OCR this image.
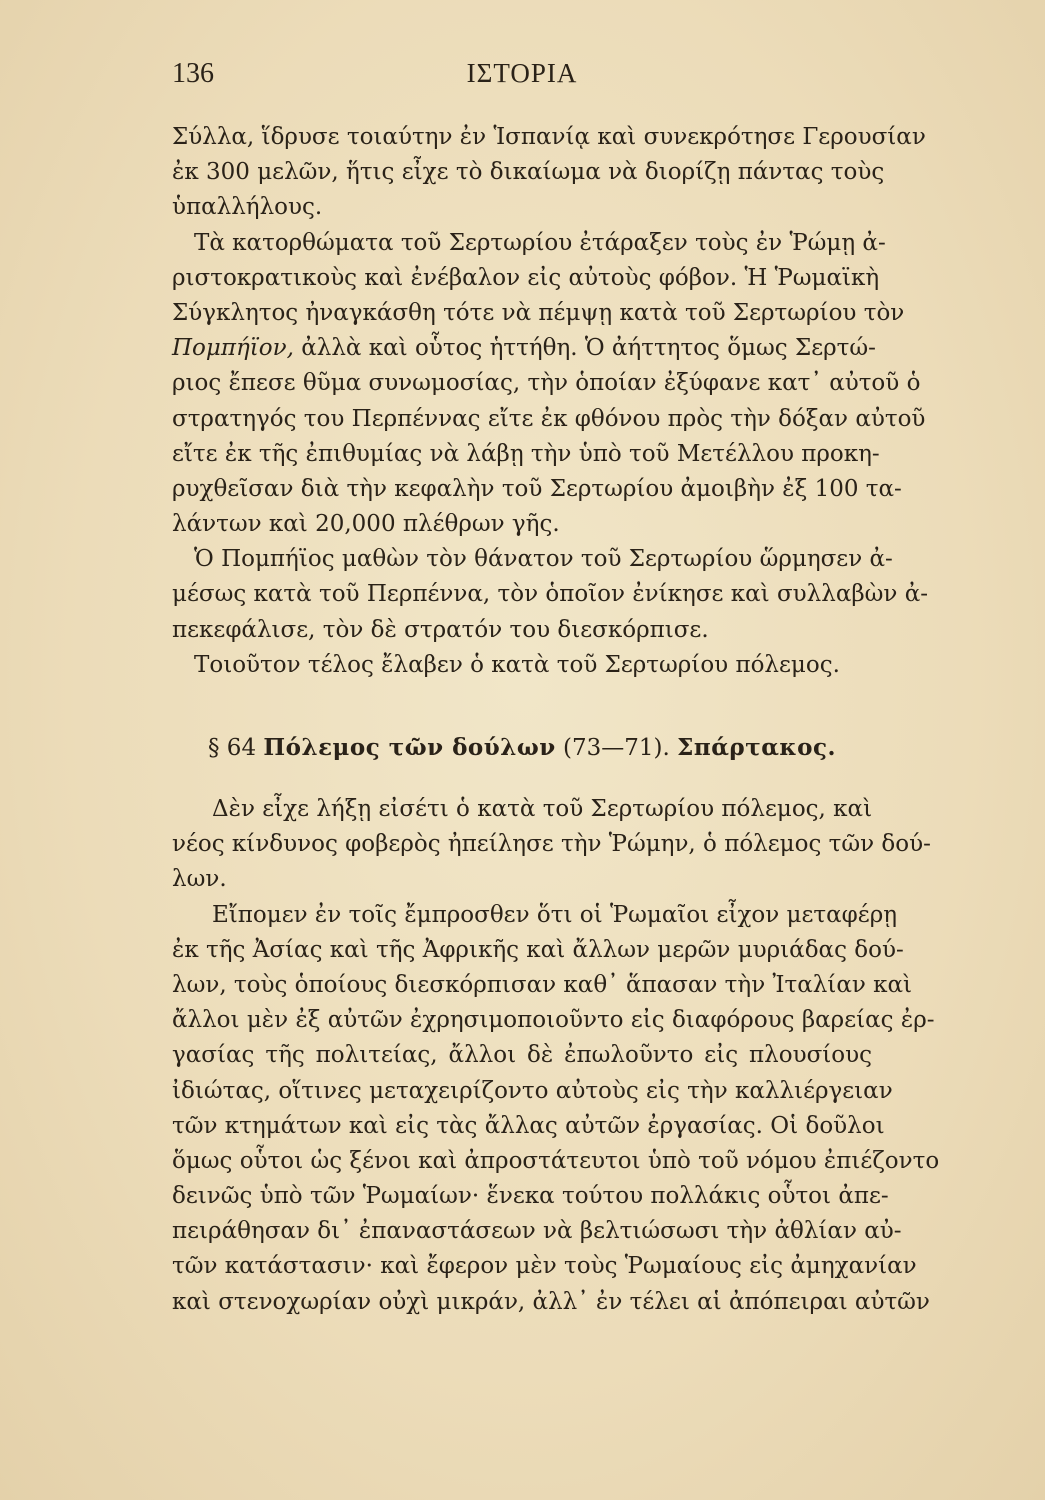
136	ΙΣΤΟΡΙΑ
Σύλλα, ἵδρυσε τοιαύτην ἐν Ἱσπανίᾳ καὶ συνεκρότησε Γερουσίαν
ἐκ 300 μελῶν, ἥτις εἶχε τὸ δικαίωμα νὰ διορίζῃ πάντας τοὺς
ὑπαλλήλους.
Τὰ κατορθώματα τοῦ Σερτωρίου ἐτάραξεν τοὺς ἐν Ῥώμῃ ἀ-
ριστοκρατικοὺς καὶ ἐνέβαλον εἰς αὐτοὺς φόβον. Ἡ Ῥωμαϊκὴ
Σύγκλητος ἠναγκάσθη τότε νὰ πέμψῃ κατὰ τοῦ Σερτωρίου τὸν
Πομπήϊον, ἀλλὰ καὶ οὗτος ἡττήθη. Ὁ ἀήττητος ὅμως Σερτώ-
ριος ἔπεσε θῦμα συνωμοσίας, τὴν ὁποίαν ἐξύφανε κατ᾿ αὐτοῦ ὁ
στρατηγός του Περπέννας εἴτε ἐκ φθόνου πρὸς τὴν δόξαν αὐτοῦ
εἴτε ἐκ τῆς ἐπιθυμίας νὰ λάβῃ τὴν ὑπὸ τοῦ Μετέλλου προκη-
ρυχθεῖσαν διὰ τὴν κεφαλὴν τοῦ Σερτωρίου ἀμοιβὴν ἐξ 100 τα-
λάντων καὶ 20,000 πλέθρων γῆς.
Ὁ Πομπήϊος μαθὼν τὸν θάνατον τοῦ Σερτωρίου ὥρμησεν ἀ-
μέσως κατὰ τοῦ Περπέννα, τὸν ὁποῖον ἐνίκησε καὶ συλλαβὼν ἀ-
πεκεφάλισε, τὸν δὲ στρατόν του διεσκόρπισε.
Τοιοῦτον τέλος ἔλαβεν ὁ κατὰ τοῦ Σερτωρίου πόλεμος.
§ 64 Πόλεμος τῶν δούλων (73—71). Σπάρτακος.
Δὲν εἶχε λήξῃ εἰσέτι ὁ κατὰ τοῦ Σερτωρίου πόλεμος, καὶ
νέος κίνδυνος φοβερὸς ἠπείλησε τὴν Ῥώμην, ὁ πόλεμος τῶν δού-
λων.
Εἴπομεν ἐν τοῖς ἔμπροσθεν ὅτι οἱ Ῥωμαῖοι εἶχον μεταφέρῃ
ἐκ τῆς Ἀσίας καὶ τῆς Ἀφρικῆς καὶ ἄλλων μερῶν μυριάδας δού-
λων, τοὺς ὁποίους διεσκόρπισαν καθ᾿ ἅπασαν τὴν Ἰταλίαν καὶ
ἄλλοι μὲν ἐξ αὐτῶν ἐχρησιμοποιοῦντο εἰς διαφόρους βαρείας ἐρ-
γασίας τῆς πολιτείας, ἄλλοι δὲ ἐπωλοῦντο εἰς πλουσίους
ἰδιώτας, οἵτινες μεταχειρίζοντο αὐτοὺς εἰς τὴν καλλιέργειαν
τῶν κτημάτων καὶ εἰς τὰς ἄλλας αὐτῶν ἐργασίας. Οἱ δοῦλοι
ὅμως οὗτοι ὡς ξένοι καὶ ἀπροστάτευτοι ὑπὸ τοῦ νόμου ἐπιέζοντο
δεινῶς ὑπὸ τῶν Ῥωμαίων· ἕνεκα τούτου πολλάκις οὗτοι ἀπε-
πειράθησαν δι᾿ ἐπαναστάσεων νὰ βελτιώσωσι τὴν ἀθλίαν αὐ-
τῶν κατάστασιν· καὶ ἔφερον μὲν τοὺς Ῥωμαίους εἰς ἀμηχανίαν
καὶ στενοχωρίαν οὐχὶ μικράν, ἀλλ᾿ ἐν τέλει αἱ ἀπόπειραι αὐτῶν
